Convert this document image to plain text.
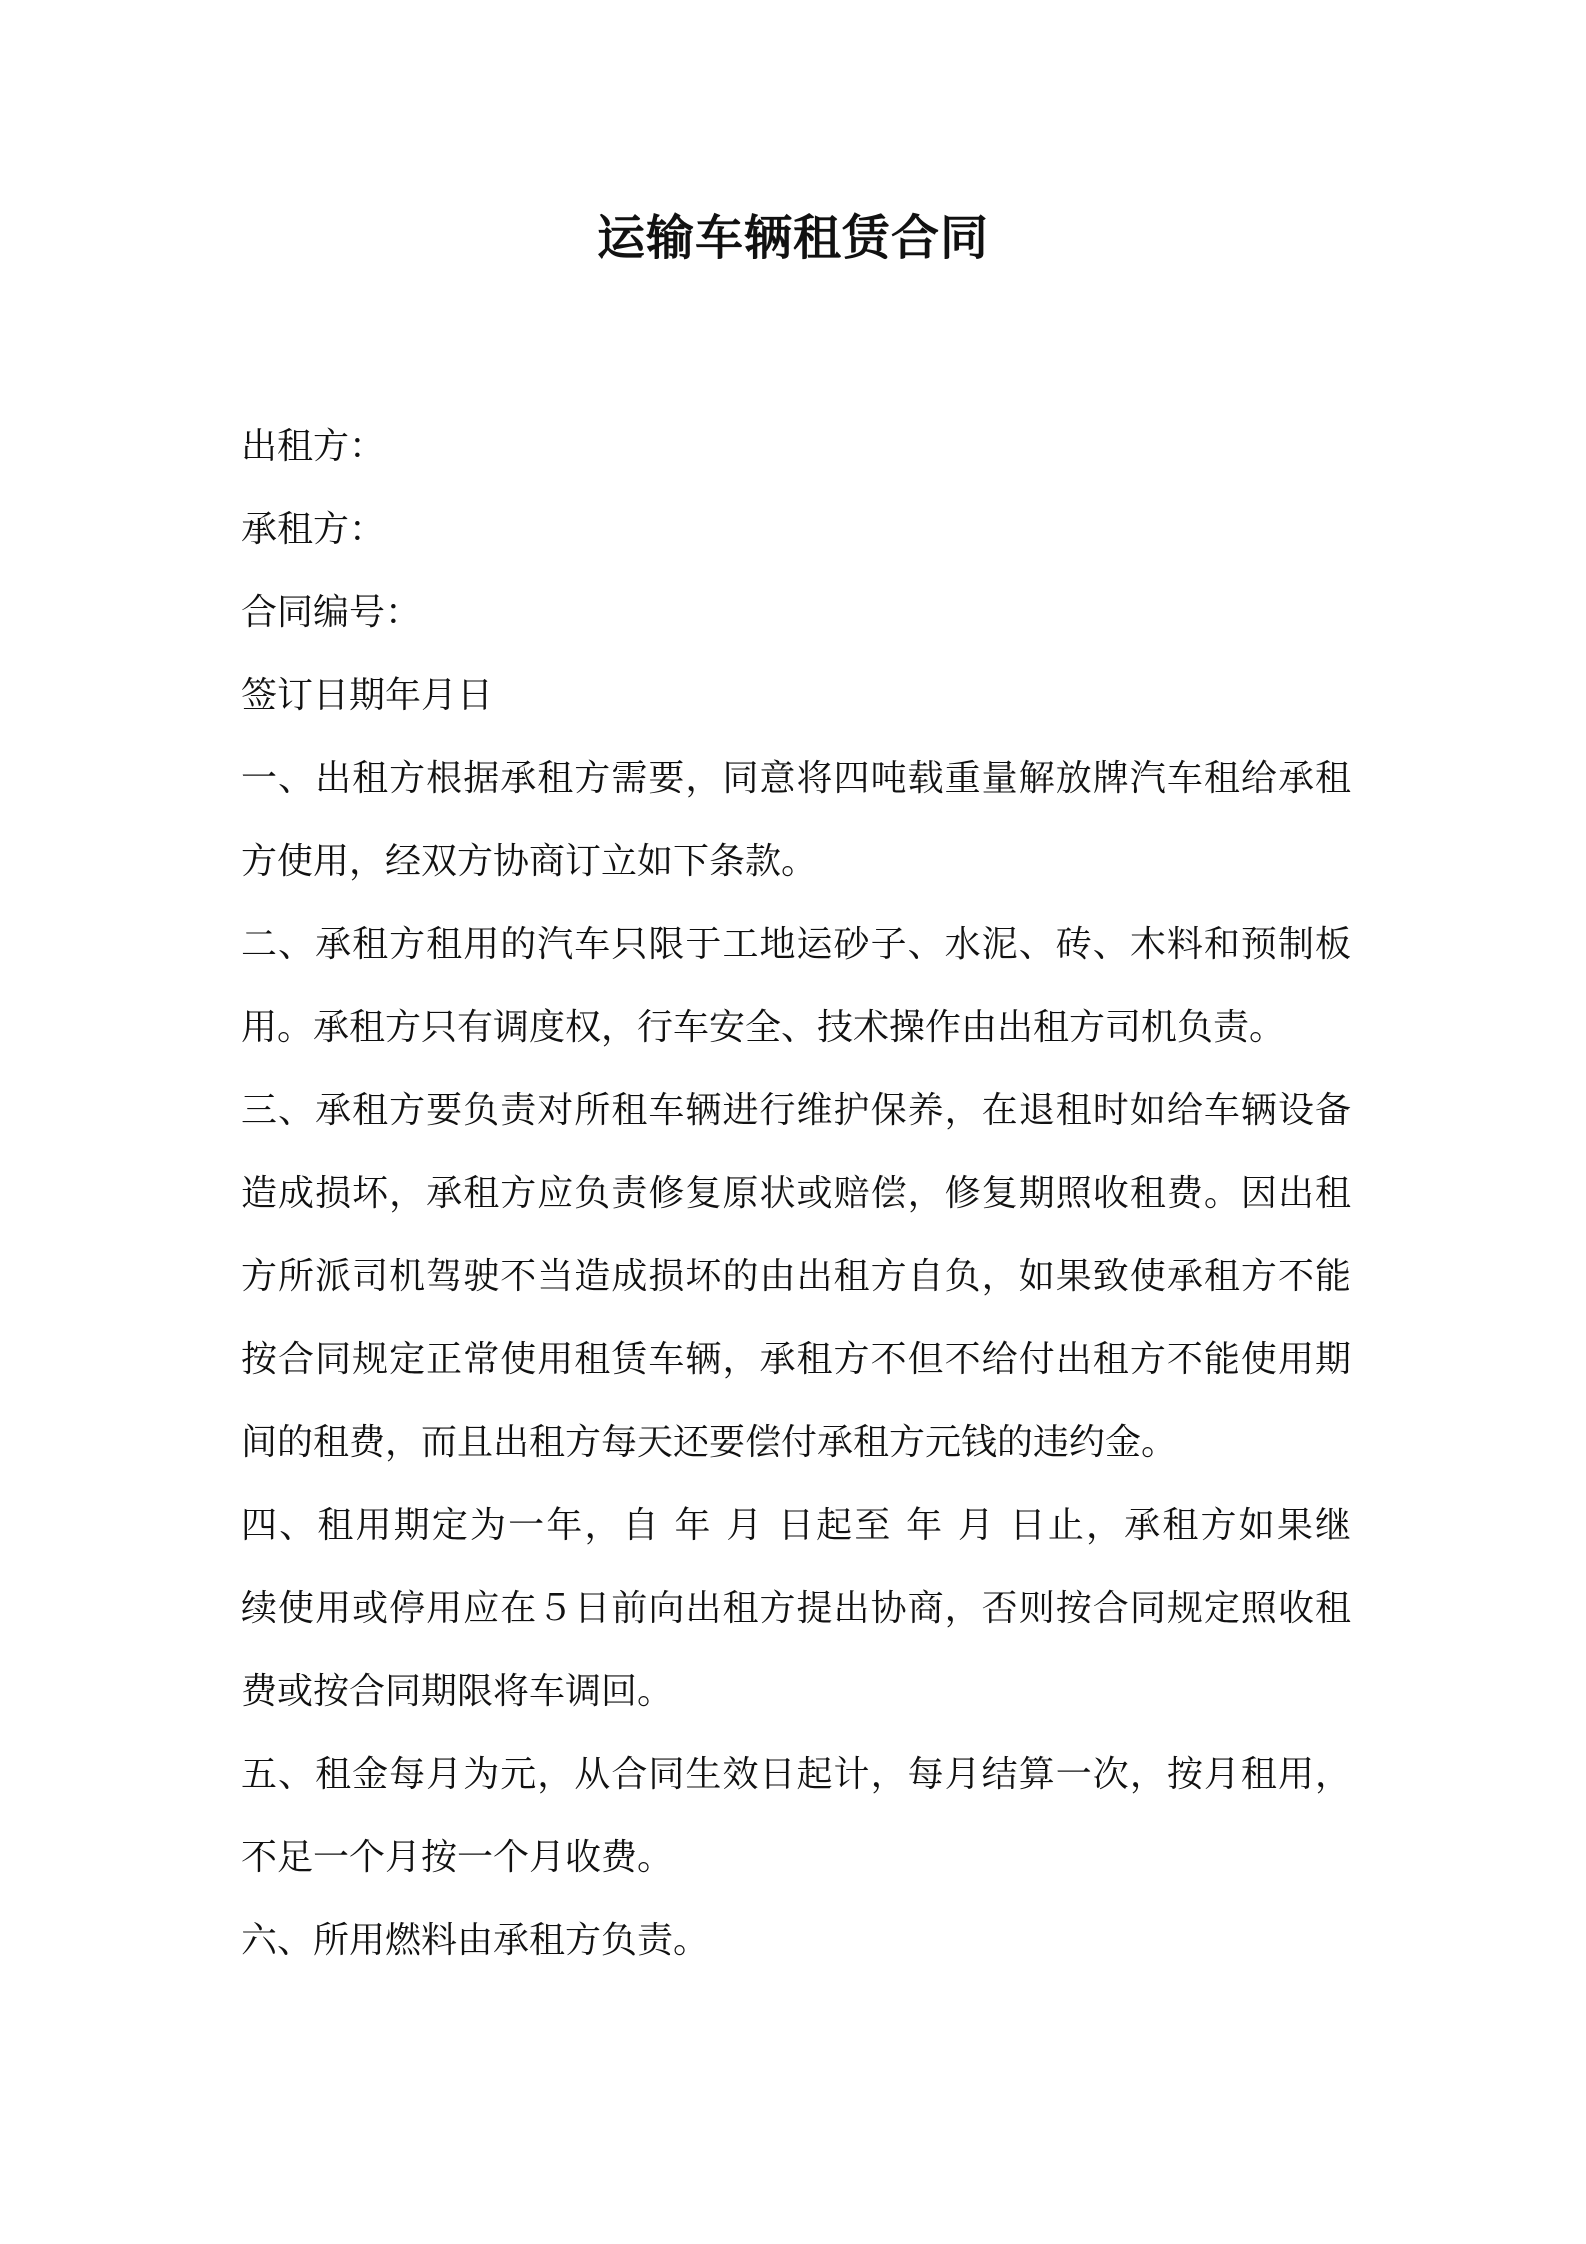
运输车辆租赁合同
出租方：
承租方：
合同编号：
签订日期年月日
一、出租方根据承租方需要，同意将四吨载重量解放牌汽车租给承租
方使用，经双方协商订立如下条款。
二、承租方租用的汽车只限于工地运砂子、水泥、砖、木料和预制板
用。承租方只有调度权，行车安全、技术操作由出租方司机负责。
三、承租方要负责对所租车辆进行维护保养，在退租时如给车辆设备
造成损坏，承租方应负责修复原状或赔偿，修复期照收租费。因出租
方所派司机驾驶不当造成损坏的由出租方自负，如果致使承租方不能
按合同规定正常使用租赁车辆，承租方不但不给付出租方不能使用期
间的租费，而且出租方每天还要偿付承租方元钱的违约金。
四、租用期定为一年，自 年 月 日起至 年 月 日止，承租方如果继
续使用或停用应在５日前向出租方提出协商，否则按合同规定照收租
费或按合同期限将车调回。
五、租金每月为元，从合同生效日起计，每月结算一次，按月租用，
不足一个月按一个月收费。
六、所用燃料由承租方负责。
